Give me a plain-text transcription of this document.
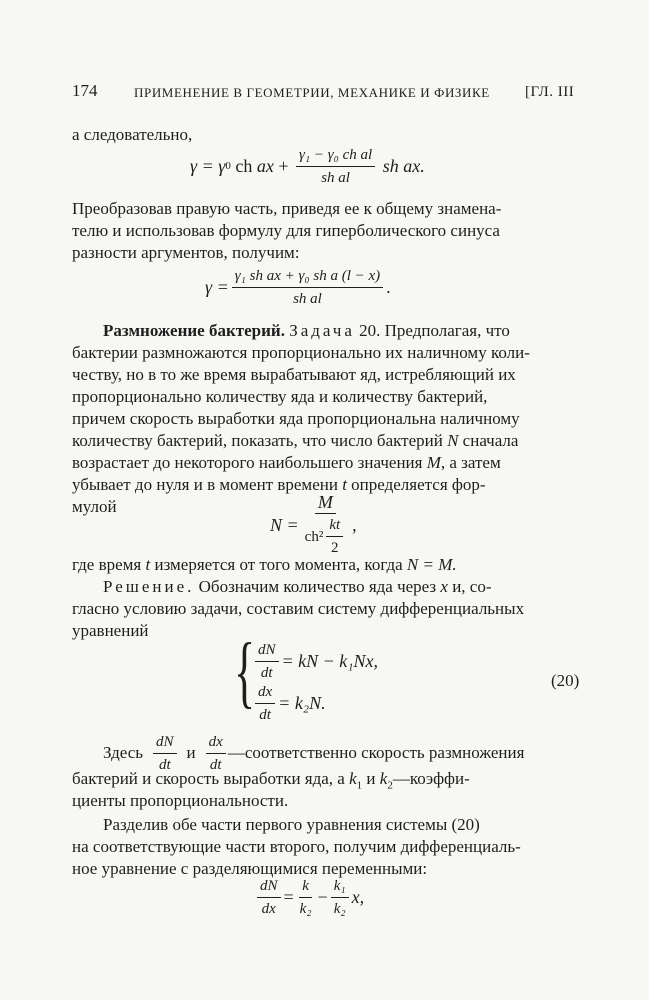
174	ПРИМЕНЕНИЕ В ГЕОМЕТРИИ, МЕХАНИКЕ И ФИЗИКЕ [ГЛ. III
а следовательно,
γ = γ 0 ch ax + $\frac{\text{γ₁ − γ₀ ch al}}{\text{sh al}}$ sh ax.
Преобразовав правую часть, приведя ее к общему знамена-
телю и использовав формулу для гиперболического синуса
разности аргументов, получим:
$\gamma = \frac{\text{γ₁ sh ax + γ₀ sh a (l − x)}}{\text{sh al}}$ .
Размножение бактерий. Задача 20. Предполагая, что
бактерии размножаются пропорционально их наличному коли-
честву, но в то же время вырабатывают яд, истребляющий их
пропорционально количеству яда и количеству бактерий,
причем скорость выработки яда пропорциональна наличному
количеству бактерий, показать, что число бактерий N сначала
возрастает до некоторого наибольшего значения M, а затем
убывает до нуля и в момент времени t определяется фор-
мулой
$N = \frac{M}{ch^2 \frac{kt}{2}}$ ,
где время t измеряется от того момента, когда N = M.
Решение. Обозначим количество яда через x и, со-
гласно условию задачи, составим систему дифференциальных
уравнений { $\frac{dN}{dt}$ = kN − k₁Nx,
$\frac{dx}{dt} = k_2N$.
(20)
Здесь $\frac{dN}{dt}$ и $\frac{dx}{dt}$ —соответственно скорость размножения
бактерий и скорость выработки яда, а $k_1$ и $k_2—коэффи-$
циенты пропорциональности.
Разделив обе части первого уравнения системы (20)
на соответствующие части второго, получим дифференциаль-
ное уравнение с разделяющимися переменными:
$\frac{dN}{dx} = \frac{k}{\text{k₂}} - \frac{\text{k₁}}{\text{k₂}} x$,
